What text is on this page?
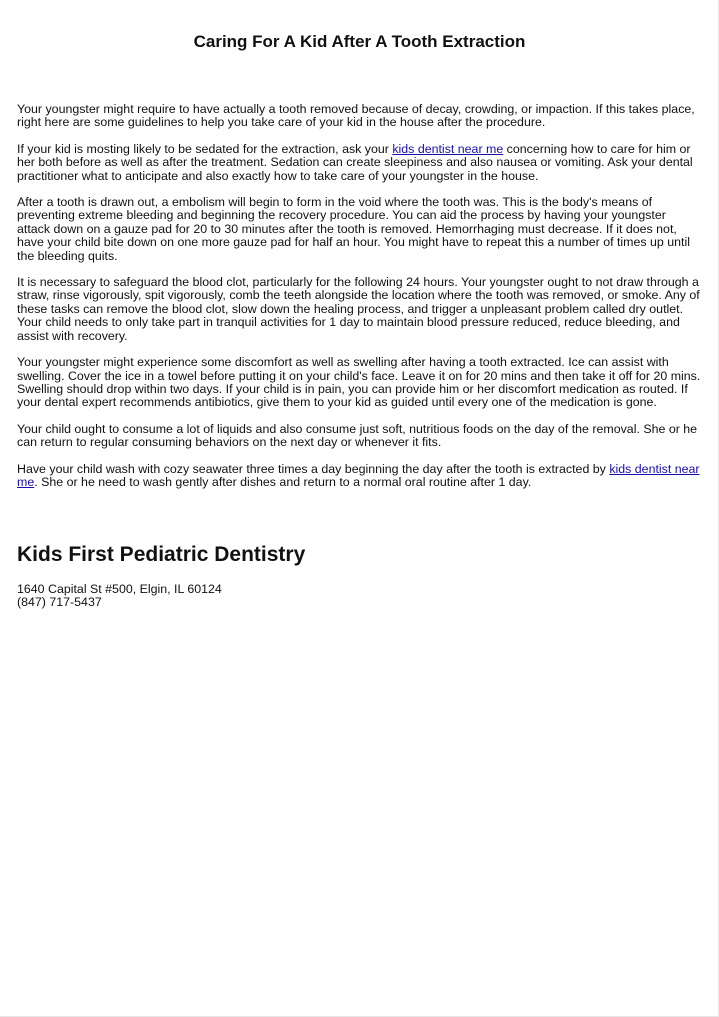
Caring For A Kid After A Tooth Extraction

Your youngster might require to have actually a tooth removed because of decay, crowding, or impaction. If this takes place, right here are some guidelines to help you take care of your kid in the house after the procedure.

If your kid is mosting likely to be sedated for the extraction, ask your kids dentist near me concerning how to care for him or her both before as well as after the treatment. Sedation can create sleepiness and also nausea or vomiting. Ask your dental practitioner what to anticipate and also exactly how to take care of your youngster in the house.

After a tooth is drawn out, a embolism will begin to form in the void where the tooth was. This is the body's means of preventing extreme bleeding and beginning the recovery procedure. You can aid the process by having your youngster attack down on a gauze pad for 20 to 30 minutes after the tooth is removed. Hemorrhaging must decrease. If it does not, have your child bite down on one more gauze pad for half an hour. You might have to repeat this a number of times up until the bleeding quits.

It is necessary to safeguard the blood clot, particularly for the following 24 hours. Your youngster ought to not draw through a straw, rinse vigorously, spit vigorously, comb the teeth alongside the location where the tooth was removed, or smoke. Any of these tasks can remove the blood clot, slow down the healing process, and trigger a unpleasant problem called dry outlet. Your child needs to only take part in tranquil activities for 1 day to maintain blood pressure reduced, reduce bleeding, and assist with recovery.

Your youngster might experience some discomfort as well as swelling after having a tooth extracted. Ice can assist with swelling. Cover the ice in a towel before putting it on your child's face. Leave it on for 20 mins and then take it off for 20 mins. Swelling should drop within two days. If your child is in pain, you can provide him or her discomfort medication as routed. If your dental expert recommends antibiotics, give them to your kid as guided until every one of the medication is gone.

Your child ought to consume a lot of liquids and also consume just soft, nutritious foods on the day of the removal. She or he can return to regular consuming behaviors on the next day or whenever it fits.

Have your child wash with cozy seawater three times a day beginning the day after the tooth is extracted by kids dentist near me. She or he need to wash gently after dishes and return to a normal oral routine after 1 day.

Kids First Pediatric Dentistry
1640 Capital St #500, Elgin, IL 60124
(847) 717-5437
